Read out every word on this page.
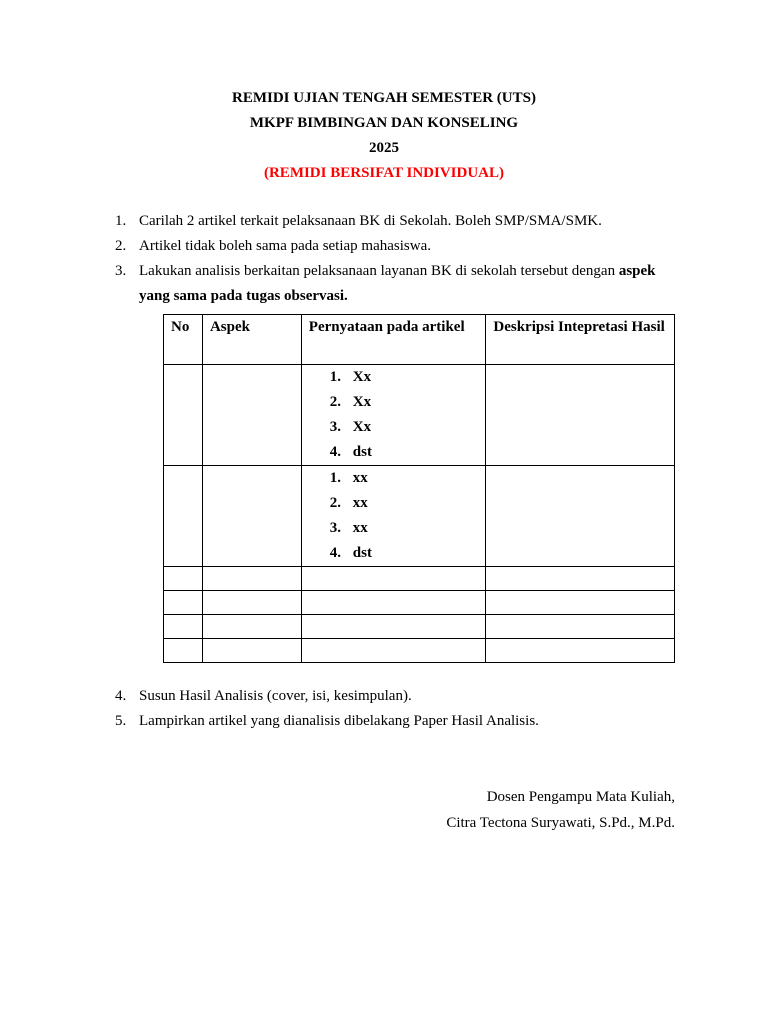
REMIDI UJIAN TENGAH SEMESTER (UTS)
MKPF BIMBINGAN DAN KONSELING
2025
(REMIDI BERSIFAT INDIVIDUAL)
1. Carilah 2 artikel terkait pelaksanaan BK di Sekolah. Boleh SMP/SMA/SMK.
2. Artikel tidak boleh sama pada setiap mahasiswa.
3. Lakukan analisis berkaitan pelaksanaan layanan BK di sekolah tersebut dengan aspek yang sama pada tugas observasi.
No	Aspek	Pernyataan pada artikel	Deskripsi Intepretasi Hasil

		1. Xx
2. Xx
3. Xx
4. dst	

		1. xx
2. xx
3. xx
4. dst	

4. Susun Hasil Analisis (cover, isi, kesimpulan).
5. Lampirkan artikel yang dianalisis dibelakang Paper Hasil Analisis.
Dosen Pengampu Mata Kuliah,
Citra Tectona Suryawati, S.Pd., M.Pd.
